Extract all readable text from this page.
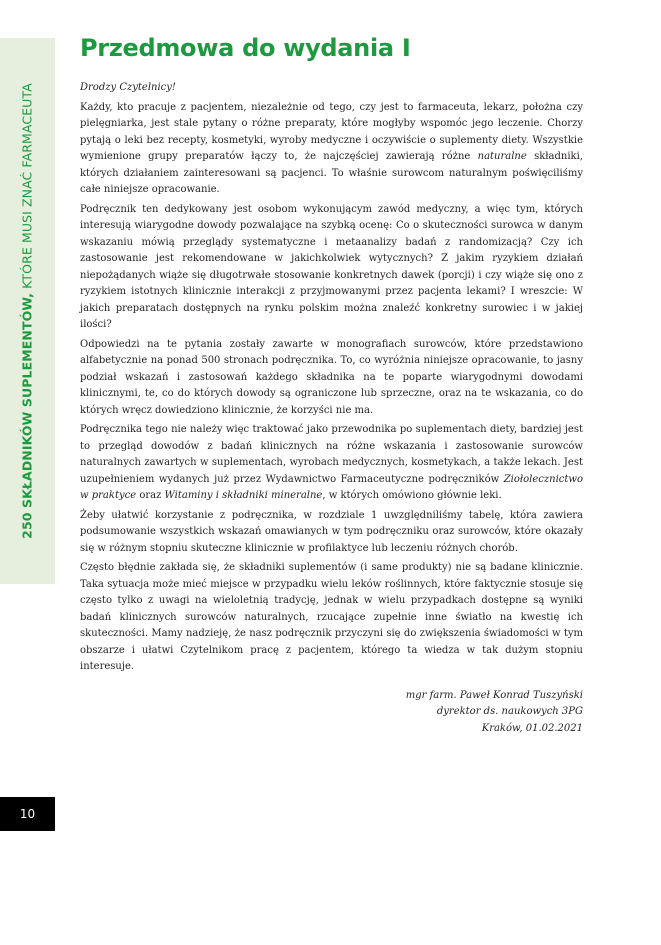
250 SKŁADNIKÓW SUPLEMENTÓW, KTÓRE MUSI ZNAĆ FARMACEUTA
10
Przedmowa do wydania I

Drodzy Czytelnicy!

Każdy, kto pracuje z pacjentem, niezależnie od tego, czy jest to farmaceuta, lekarz, położna czy pielęgniarka, jest stale pytany o różne preparaty, które mogłyby wspomóc jego leczenie. Chorzy pytają o leki bez recepty, kosmetyki, wyroby medyczne i oczywiście o suplementy diety. Wszystkie wymienione grupy preparatów łączy to, że najczęściej zawierają różne naturalne składniki, których działaniem zainteresowani są pacjenci. To właśnie surowcom naturalnym poświęciliśmy całe niniejsze opracowanie.

Podręcznik ten dedykowany jest osobom wykonującym zawód medyczny, a więc tym, których interesują wiarygodne dowody pozwalające na szybką ocenę: Co o skuteczności surowca w danym wskazaniu mówią przeglądy systematyczne i metaanalizy badań z randomizacją? Czy ich zastosowanie jest rekomendowane w jakichkolwiek wytycznych? Z jakim ryzykiem działań niepożądanych wiąże się długotrwałe stosowanie konkretnych dawek (porcji) i czy wiąże się ono z ryzykiem istotnych klinicznie interakcji z przyjmowanymi przez pacjenta lekami? I wreszcie: W jakich preparatach dostępnych na rynku polskim można znaleźć konkretny surowiec i w jakiej ilości?

Odpowiedzi na te pytania zostały zawarte w monografiach surowców, które przedstawiono alfabetycznie na ponad 500 stronach podręcznika. To, co wyróżnia niniejsze opracowanie, to jasny podział wskazań i zastosowań każdego składnika na te poparte wiarygodnymi dowodami klinicznymi, te, co do których dowody są ograniczone lub sprzeczne, oraz na te wskazania, co do których wręcz dowiedziono klinicznie, że korzyści nie ma.

Podręcznika tego nie należy więc traktować jako przewodnika po suplementach diety, bardziej jest to przegląd dowodów z badań klinicznych na różne wskazania i zastosowanie surowców naturalnych zawartych w suplementach, wyrobach medycznych, kosmetykach, a także lekach. Jest uzupełnieniem wydanych już przez Wydawnictwo Farmaceutyczne podręczników Ziołolecznictwo w praktyce oraz Witaminy i składniki mineralne, w których omówiono głównie leki.

Żeby ułatwić korzystanie z podręcznika, w rozdziale 1 uwzględniliśmy tabelę, która zawiera podsumowanie wszystkich wskazań omawianych w tym podręczniku oraz surowców, które okazały się w różnym stopniu skuteczne klinicznie w profilaktyce lub leczeniu różnych chorób.

Często błędnie zakłada się, że składniki suplementów (i same produkty) nie są badane klinicznie. Taka sytuacja może mieć miejsce w przypadku wielu leków roślinnych, które faktycznie stosuje się często tylko z uwagi na wieloletnią tradycję, jednak w wielu przypadkach dostępne są wyniki badań klinicznych surowców naturalnych, rzucające zupełnie inne światło na kwestię ich skuteczności. Mamy nadzieję, że nasz podręcznik przyczyni się do zwiększenia świadomości w tym obszarze i ułatwi Czytelnikom pracę z pacjentem, którego ta wiedza w tak dużym stopniu interesuje.

mgr farm. Paweł Konrad Tuszyński
dyrektor ds. naukowych 3PG
Kraków, 01.02.2021
